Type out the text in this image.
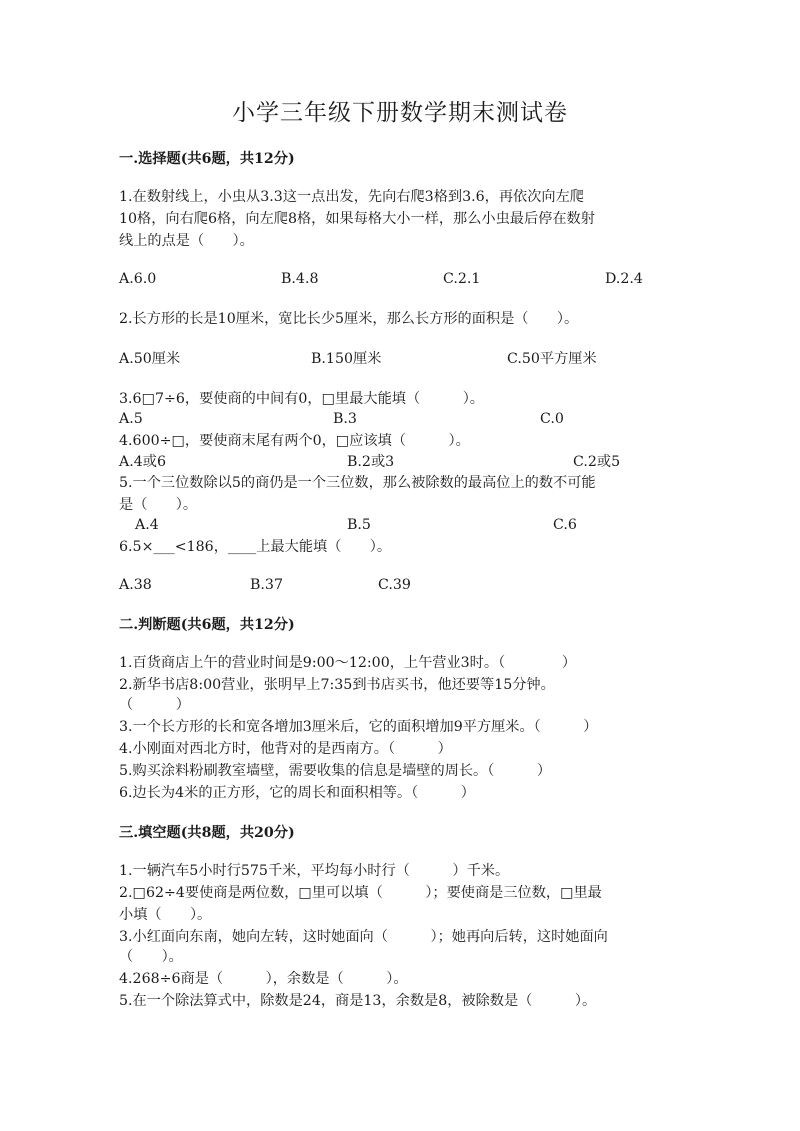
小学三年级下册数学期末测试卷
一.选择题(共6题，共12分)
1.在数射线上，小虫从3.3这一点出发，先向右爬3格到3.6，再依次向左爬
10格，向右爬6格，向左爬8格，如果每格大小一样，那么小虫最后停在数射
线上的点是（　　）。
A.6.0	B.4.8	C.2.1	D.2.4
2.长方形的长是10厘米，宽比长少5厘米，那么长方形的面积是（　　）。
A.50厘米	B.150厘米	C.50平方厘米
3.6□7÷6，要使商的中间有0，□里最大能填（　　　）。
A.5	B.3	C.0
4.600÷□，要使商末尾有两个0，□应该填（　　　）。
A.4或6	B.2或3	C.2或5
5.一个三位数除以5的商仍是一个三位数，那么被除数的最高位上的数不可能
是（　　）。
A.4	B.5	C.6
6.5×___<186，____上最大能填（　　）。
A.38	B.37	C.39
二.判断题(共6题，共12分)
1.百货商店上午的营业时间是9:00～12:00，上午营业3时。（　　　　）
2.新华书店8:00营业，张明早上7:35到书店买书，他还要等15分钟。
（　　　）
3.一个长方形的长和宽各增加3厘米后，它的面积增加9平方厘米。（　　　）
4.小刚面对西北方时，他背对的是西南方。（　　　）
5.购买涂料粉刷教室墙壁，需要收集的信息是墙壁的周长。（　　　）
6.边长为4米的正方形，它的周长和面积相等。（　　　）
三.填空题(共8题，共20分)
1.一辆汽车5小时行575千米，平均每小时行（　　　）千米。
2.□62÷4要使商是两位数，□里可以填（　　　）；要使商是三位数，□里最
小填（　　）。
3.小红面向东南，她向左转，这时她面向（　　　）；她再向后转，这时她面向
（　　）。
4.268÷6商是（　　　），余数是（　　　）。
5.在一个除法算式中，除数是24，商是13，余数是8，被除数是（　　　）。
